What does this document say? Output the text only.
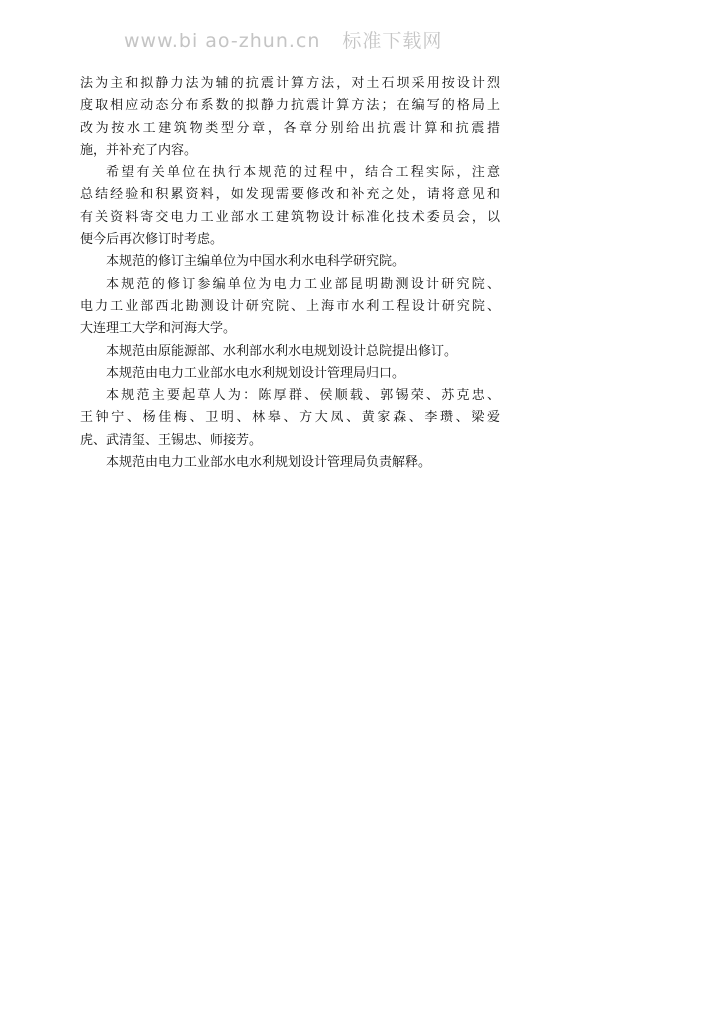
www.bi ao-zhun.cn 标准下载网
法为主和拟静力法为辅的抗震计算方法，对土石坝采用按设计烈
度取相应动态分布系数的拟静力抗震计算方法；在编写的格局上
改为按水工建筑物类型分章，各章分别给出抗震计算和抗震措
施，并补充了内容。
希望有关单位在执行本规范的过程中，结合工程实际，注意
总结经验和积累资料，如发现需要修改和补充之处，请将意见和
有关资料寄交电力工业部水工建筑物设计标准化技术委员会，以
便今后再次修订时考虑。
本规范的修订主编单位为中国水利水电科学研究院。
本规范的修订参编单位为电力工业部昆明勘测设计研究院、
电力工业部西北勘测设计研究院、上海市水利工程设计研究院、
大连理工大学和河海大学。
本规范由原能源部、水利部水利水电规划设计总院提出修订。
本规范由电力工业部水电水利规划设计管理局归口。
本规范主要起草人为：陈厚群、侯顺载、郭锡荣、苏克忠、
王钟宁、杨佳梅、卫明、林皋、方大凤、黄家森、李瓒、梁爱
虎、武清玺、王锡忠、师接芳。
本规范由电力工业部水电水利规划设计管理局负责解释。
